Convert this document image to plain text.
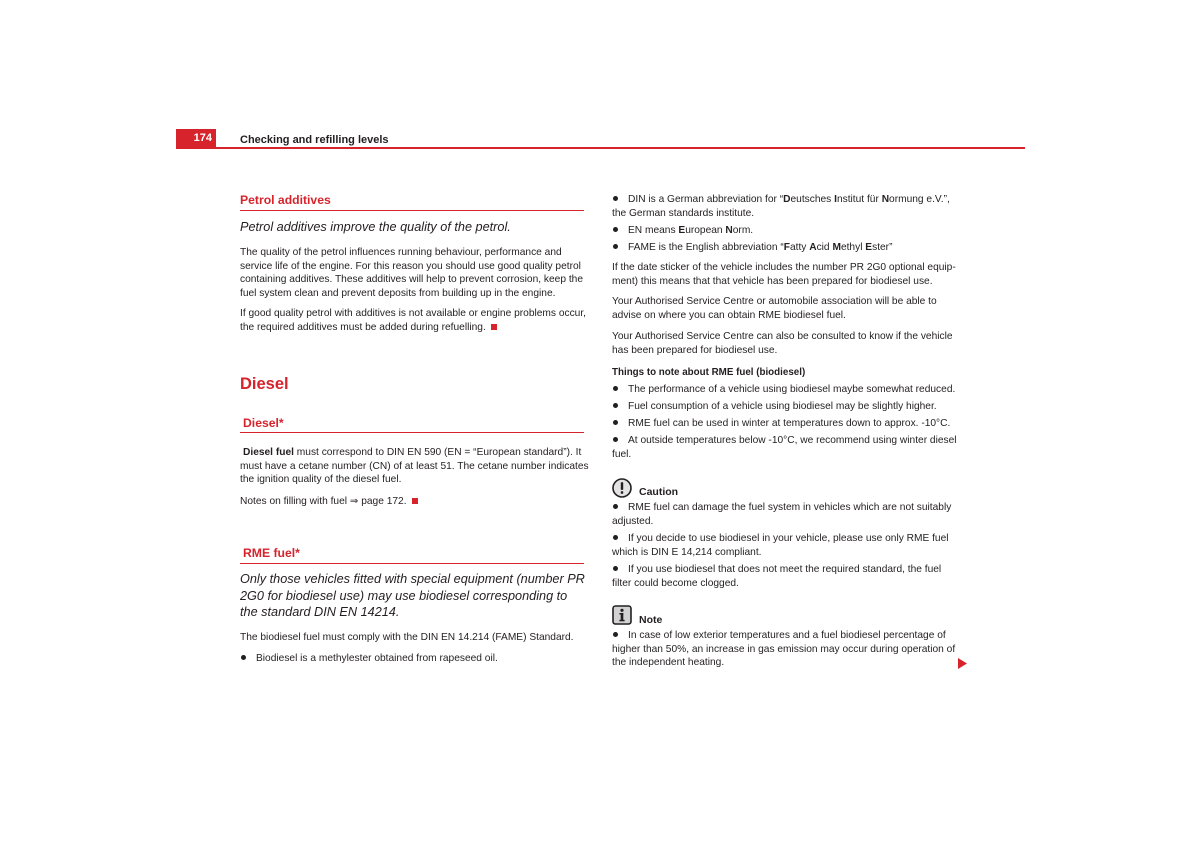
174	Checking and refilling levels
Petrol additives
Petrol additives improve the quality of the petrol.
The quality of the petrol influences running behaviour, performance and
service life of the engine. For this reason you should use good quality petrol
containing additives. These additives will help to prevent corrosion, keep the
fuel system clean and prevent deposits from building up in the engine.
If good quality petrol with additives is not available or engine problems occur,
the required additives must be added during refuelling.
Diesel
Diesel*
Diesel fuel must correspond to DIN EN 590 (EN = “European standard”). It
must have a cetane number (CN) of at least 51. The cetane number indicates
the ignition quality of the diesel fuel.
Notes on filling with fuel ⇒ page 172.
RME fuel*
Only those vehicles fitted with special equipment (number PR
2G0 for biodiesel use) may use biodiesel corresponding to
the standard DIN EN 14214.
The biodiesel fuel must comply with the DIN EN 14.214 (FAME) Standard.
Biodiesel is a methylester obtained from rapeseed oil.
DIN is a German abbreviation for “Deutsches Institut für Normung e.V.”,
the German standards institute.
EN means European Norm.
FAME is the English abbreviation “Fatty Acid Methyl Ester”
If the date sticker of the vehicle includes the number PR 2G0 optional equip-
ment) this means that that vehicle has been prepared for biodiesel use.
Your Authorised Service Centre or automobile association will be able to
advise on where you can obtain RME biodiesel fuel.
Your Authorised Service Centre can also be consulted to know if the vehicle
has been prepared for biodiesel use.
Things to note about RME fuel (biodiesel)
The performance of a vehicle using biodiesel maybe somewhat reduced.
Fuel consumption of a vehicle using biodiesel may be slightly higher.
RME fuel can be used in winter at temperatures down to approx. -10°C.
At outside temperatures below -10°C, we recommend using winter diesel
fuel.
Caution
RME fuel can damage the fuel system in vehicles which are not suitably
adjusted.
If you decide to use biodiesel in your vehicle, please use only RME fuel
which is DIN E 14,214 compliant.
If you use biodiesel that does not meet the required standard, the fuel
filter could become clogged.
Note
In case of low exterior temperatures and a fuel biodiesel percentage of
higher than 50%, an increase in gas emission may occur during operation of
the independent heating.
